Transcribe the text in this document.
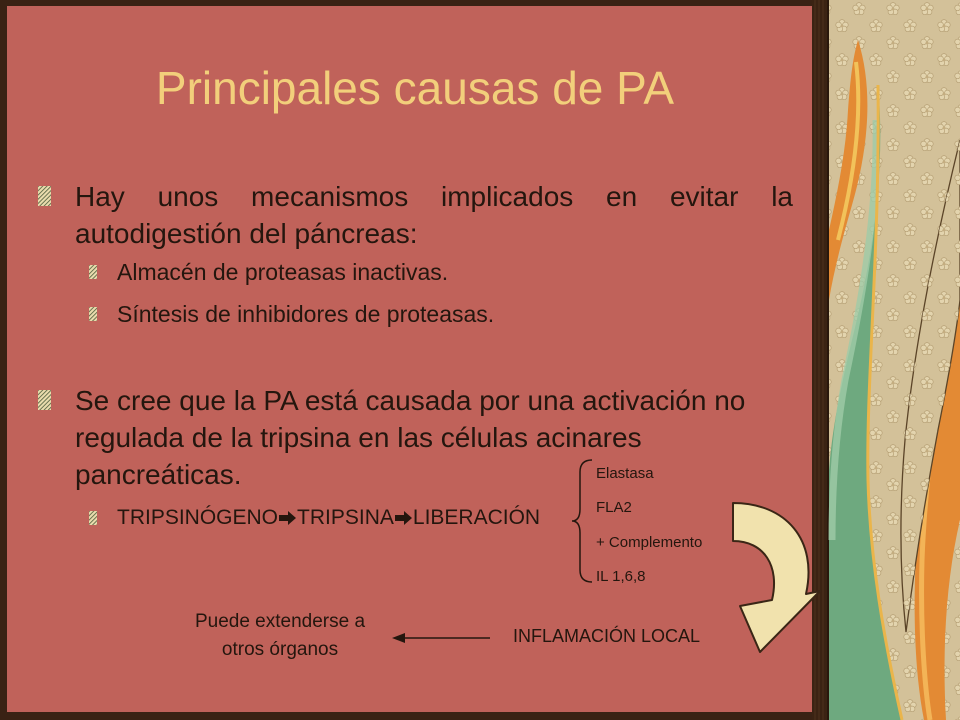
Principales causas de PA
Hay unos mecanismos implicados en evitar la
autodigestión del páncreas:
Almacén de proteasas inactivas.
Síntesis de inhibidores de proteasas.
Se cree que la PA está causada por una activación no
regulada de la tripsina en las células acinares
pancreáticas.
TRIPSINÓGENO TRIPSINA LIBERACIÓN
Elastasa
FLA2
+ Complemento
IL 1,6,8
INFLAMACIÓN LOCAL
Puede extenderse a
otros órganos
